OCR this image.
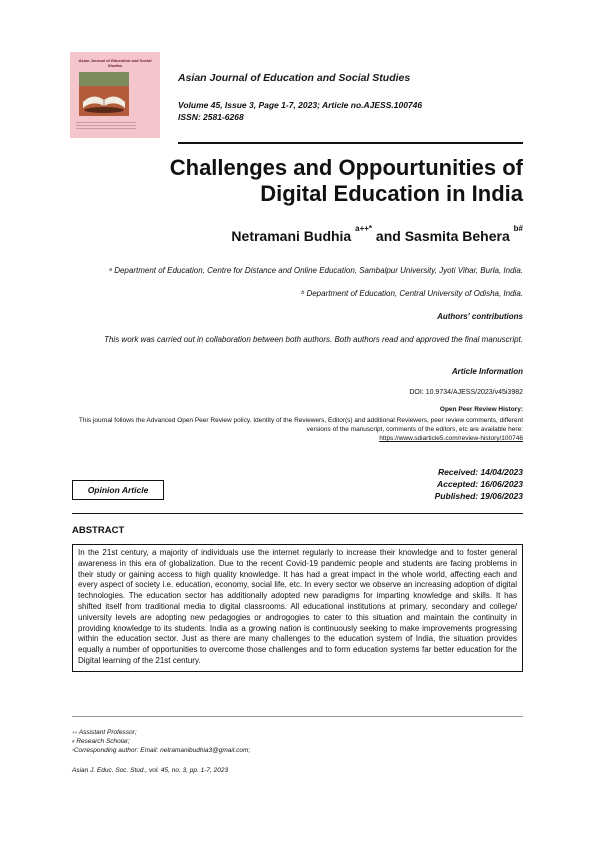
Asian Journal of Education and Social Studies
Asian Journal of Education and Social Studies
Volume 45, Issue 3, Page 1-7, 2023; Article no.AJESS.100746
ISSN: 2581-6268
Challenges and Oppourtunities of
Digital Education in India
Netramani Budhia $^{a++*}$ and Sasmita Behera $^{b\#}$
$^a$ Department of Education, Centre for Distance and Online Education, Sambalpur University, Jyoti Vihar, Burla, India.
$^b$ Department of Education, Central University of Odisha, India.
Authors' contributions
This work was carried out in collaboration between both authors. Both authors read and approved the final manuscript.
Article Information
DOI: 10.9734/AJESS/2023/v45i3982
Open Peer Review History:
This journal follows the Advanced Open Peer Review policy. Identity of the Reviewers, Editor(s) and additional Reviewers, peer review comments, different versions of the manuscript, comments of the editors, etc are available here:
https://www.sdiarticle5.com/review-history/100746
Received: 14/04/2023
Accepted: 16/06/2023
Published: 19/06/2023
Opinion Article
ABSTRACT
In the 21st century, a majority of individuals use the internet regularly to increase their knowledge and to foster general awareness in this era of globalization. Due to the recent Covid-19 pandemic people and students are facing problems in their study or gaining access to high quality knowledge. It has had a great impact in the whole world, affecting each and every aspect of society i.e. education, economy, social life, etc. In every sector we observe an increasing adoption of digital technologies. The education sector has additionally adopted new paradigms for imparting knowledge and skills. It has shifted itself from traditional media to digital classrooms. All educational institutions at primary, secondary and college/ university levels are adopting new pedagogies or androgogies to cater to this situation and maintain the continuity in providing knowledge to its students. India as a growing nation is continuously seeking to make improvements progressing within the education sector. Just as there are many challenges to the education system of India, the situation provides equally a number of opportunities to overcome those challenges and to form education systems far better education for the Digital learning of the 21st century.
++ Assistant Professor;
# Research Scholar;
*Corresponding author: Email: netramanibudhia3@gmail.com;
Asian J. Educ. Soc. Stud., vol. 45, no. 3, pp. 1-7, 2023
